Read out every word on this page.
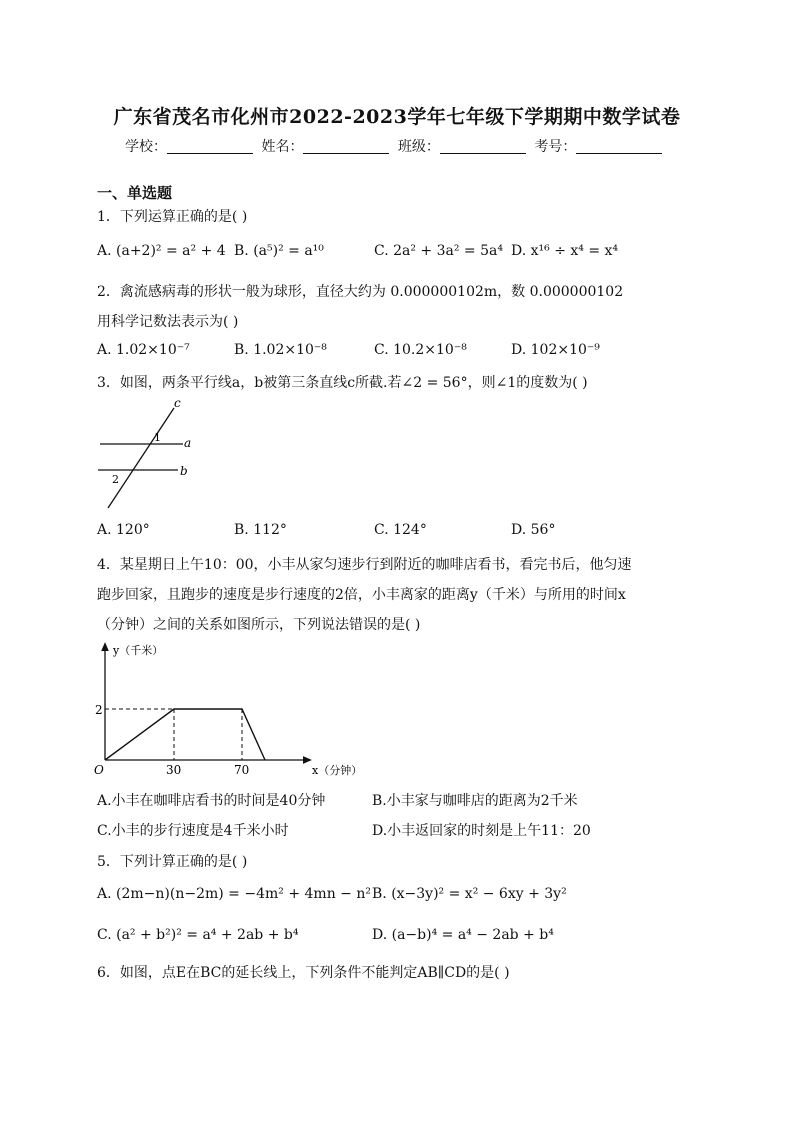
广东省茂名市化州市2022-2023学年七年级下学期期中数学试卷
学校：	姓名：	班级：	考号：
一、单选题
1．下列运算正确的是( )
A. (a+2)² = a² + 4 B. (a⁵)² = a¹⁰	C. 2a² + 3a² = 5a⁴ D. x¹⁶ ÷ x⁴ = x⁴
2．禽流感病毒的形状一般为球形，直径大约为 0.000000102m，数 0.000000102
用科学记数法表示为( )
A. 1.02×10⁻⁷	B. 1.02×10⁻⁸	C. 10.2×10⁻⁸	D. 102×10⁻⁹
3．如图，两条平行线a，b被第三条直线c所截.若∠2 = 56°，则∠1的度数为( )
c
a
b
1
2
A. 120°	B. 112°	C. 124°	D. 56°
4．某星期日上午10：00，小丰从家匀速步行到附近的咖啡店看书，看完书后，他匀速
跑步回家，且跑步的速度是步行速度的2倍，小丰离家的距离y（千米）与所用的时间x
（分钟）之间的关系如图所示，下列说法错误的是( )
y（千米）
x（分钟）
O
2
30	70
A.小丰在咖啡店看书的时间是40分钟	B.小丰家与咖啡店的距离为2千米
C.小丰的步行速度是4千米小时	D.小丰返回家的时刻是上午11：20
5．下列计算正确的是( )
A. (2m−n)(n−2m) = −4m² + 4mn − n² B. (x−3y)² = x² − 6xy + 3y²
C. (a² + b²)² = a⁴ + 2ab + b⁴	D. (a−b)⁴ = a⁴ − 2ab + b⁴
6．如图，点E在BC的延长线上，下列条件不能判定AB∥CD的是( )
